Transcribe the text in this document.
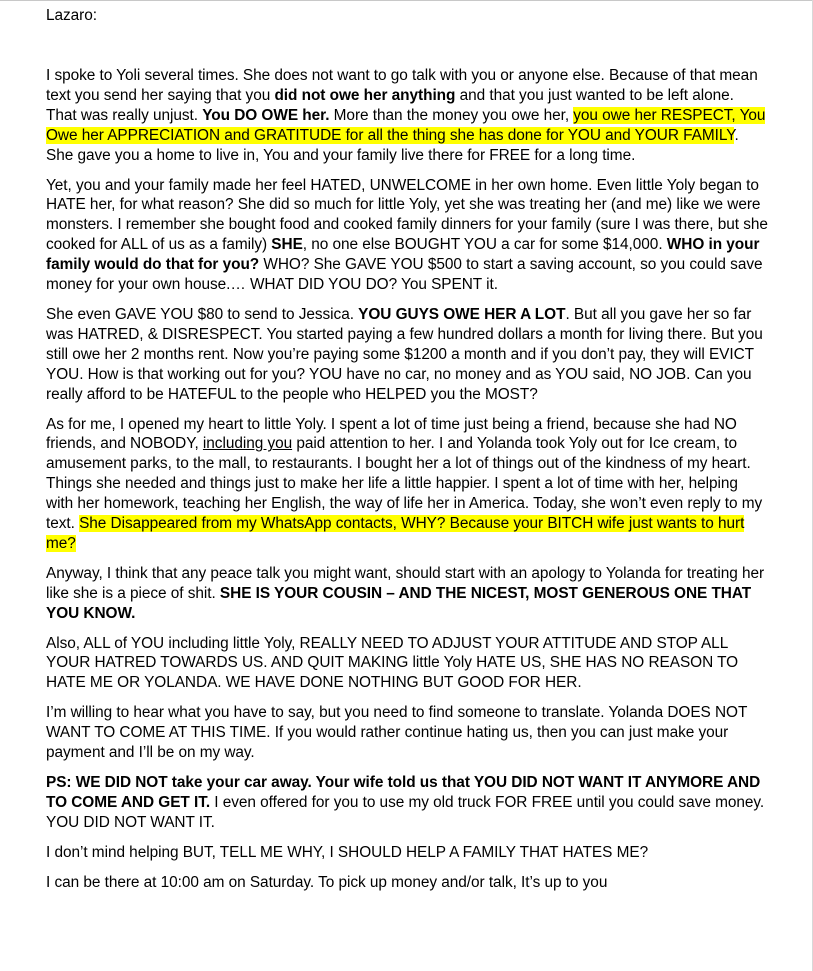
Lazaro:

I spoke to Yoli several times. She does not want to go talk with you or anyone else. Because of that mean text you send her saying that you did not owe her anything and that you just wanted to be left alone. That was really unjust. You DO OWE her. More than the money you owe her, you owe her RESPECT, You Owe her APPRECIATION and GRATITUDE for all the thing she has done for YOU and YOUR FAMILY. She gave you a home to live in, You and your family live there for FREE for a long time.

Yet, you and your family made her feel HATED, UNWELCOME in her own home. Even little Yoly began to HATE her, for what reason? She did so much for little Yoly, yet she was treating her (and me) like we were monsters. I remember she bought food and cooked family dinners for your family (sure I was there, but she cooked for ALL of us as a family) SHE, no one else BOUGHT YOU a car for some $14,000. WHO in your family would do that for you? WHO? She GAVE YOU $500 to start a saving account, so you could save money for your own house.… WHAT DID YOU DO? You SPENT it.

She even GAVE YOU $80 to send to Jessica. YOU GUYS OWE HER A LOT. But all you gave her so far was HATRED, & DISRESPECT. You started paying a few hundred dollars a month for living there. But you still owe her 2 months rent. Now you’re paying some $1200 a month and if you don’t pay, they will EVICT YOU. How is that working out for you? YOU have no car, no money and as YOU said, NO JOB. Can you really afford to be HATEFUL to the people who HELPED you the MOST?

As for me, I opened my heart to little Yoly. I spent a lot of time just being a friend, because she had NO friends, and NOBODY, including you paid attention to her. I and Yolanda took Yoly out for Ice cream, to amusement parks, to the mall, to restaurants. I bought her a lot of things out of the kindness of my heart. Things she needed and things just to make her life a little happier. I spent a lot of time with her, helping with her homework, teaching her English, the way of life her in America. Today, she won’t even reply to my text. She Disappeared from my WhatsApp contacts, WHY? Because your BITCH wife just wants to hurt me?

Anyway, I think that any peace talk you might want, should start with an apology to Yolanda for treating her like she is a piece of shit. SHE IS YOUR COUSIN – AND THE NICEST, MOST GENEROUS ONE THAT YOU KNOW.

Also, ALL of YOU including little Yoly, REALLY NEED TO ADJUST YOUR ATTITUDE AND STOP ALL YOUR HATRED TOWARDS US. AND QUIT MAKING little Yoly HATE US, SHE HAS NO REASON TO HATE ME OR YOLANDA. WE HAVE DONE NOTHING BUT GOOD FOR HER.

I’m willing to hear what you have to say, but you need to find someone to translate. Yolanda DOES NOT WANT TO COME AT THIS TIME. If you would rather continue hating us, then you can just make your payment and I’ll be on my way.

PS: WE DID NOT take your car away. Your wife told us that YOU DID NOT WANT IT ANYMORE AND TO COME AND GET IT. I even offered for you to use my old truck FOR FREE until you could save money. YOU DID NOT WANT IT.

I don’t mind helping BUT, TELL ME WHY, I SHOULD HELP A FAMILY THAT HATES ME?

I can be there at 10:00 am on Saturday. To pick up money and/or talk, It’s up to you
